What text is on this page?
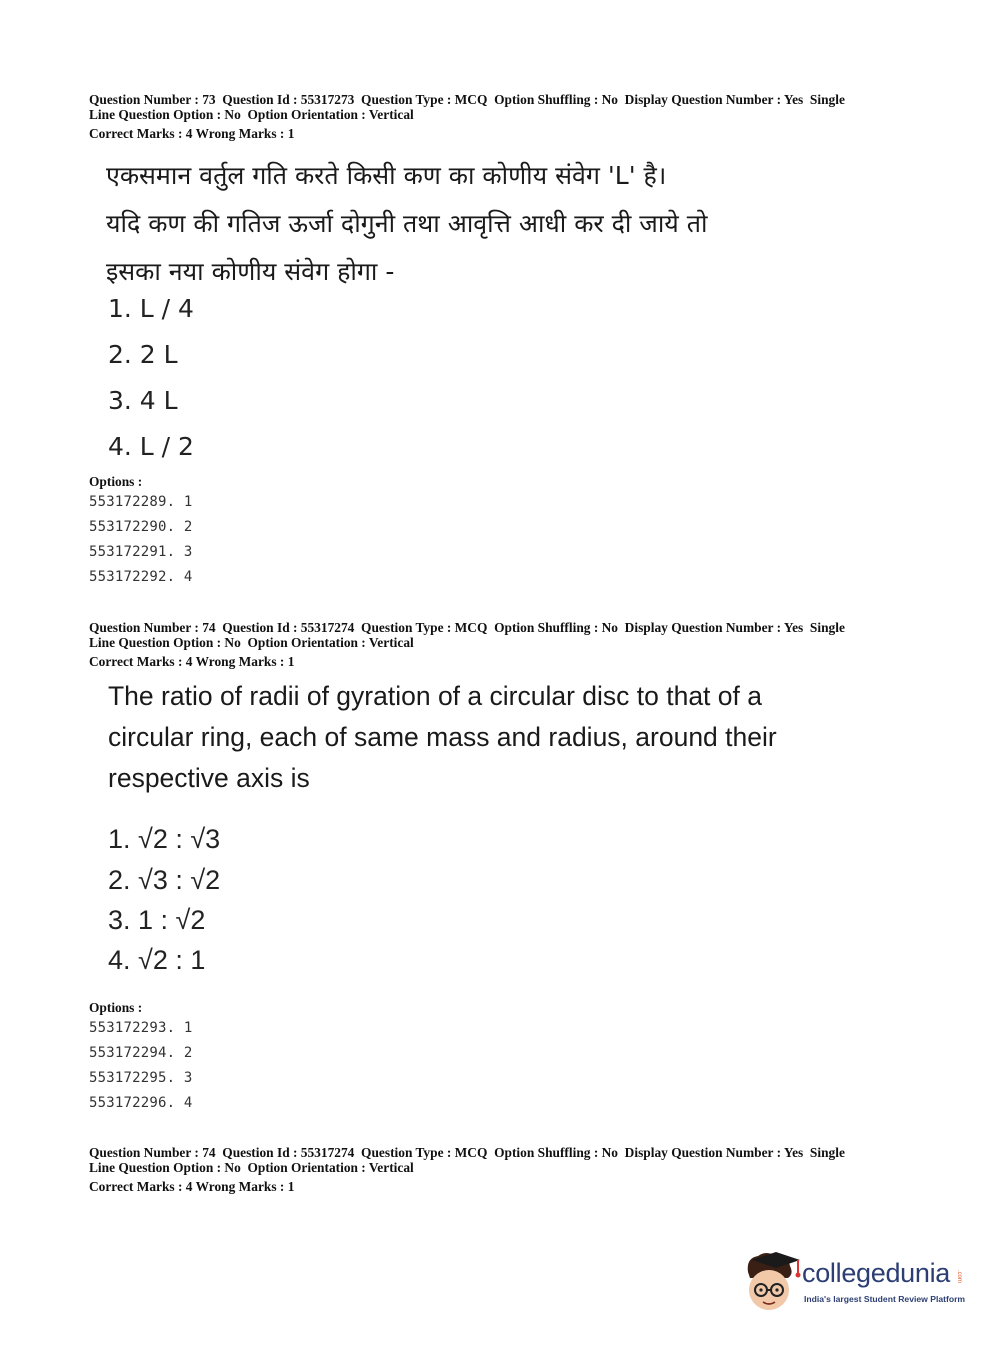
Question Number : 73  Question Id : 55317273  Question Type : MCQ  Option Shuffling : No  Display Question Number : Yes  Single
Line Question Option : No  Option Orientation : Vertical
Correct Marks : 4 Wrong Marks : 1
एकसमान वर्तुल गति करते किसी कण का कोणीय संवेग 'L' है।
यदि कण की गतिज ऊर्जा दोगुनी तथा आवृत्ति आधी कर दी जाये तो
इसका नया कोणीय संवेग होगा -
1. L / 4
2. 2 L
3. 4 L
4. L / 2
Options :
553172289. 1
553172290. 2
553172291. 3
553172292. 4
Question Number : 74  Question Id : 55317274  Question Type : MCQ  Option Shuffling : No  Display Question Number : Yes  Single
Line Question Option : No  Option Orientation : Vertical
Correct Marks : 4 Wrong Marks : 1
The ratio of radii of gyration of a circular disc to that of a
circular ring, each of same mass and radius, around their
respective axis is
1. √2 : √3
2. √3 : √2
3. 1 : √2
4. √2 : 1
Options :
553172293. 1
553172294. 2
553172295. 3
553172296. 4
Question Number : 74  Question Id : 55317274  Question Type : MCQ  Option Shuffling : No  Display Question Number : Yes  Single
Line Question Option : No  Option Orientation : Vertical
Correct Marks : 4 Wrong Marks : 1
collegedunia .com
India's largest Student Review Platform
